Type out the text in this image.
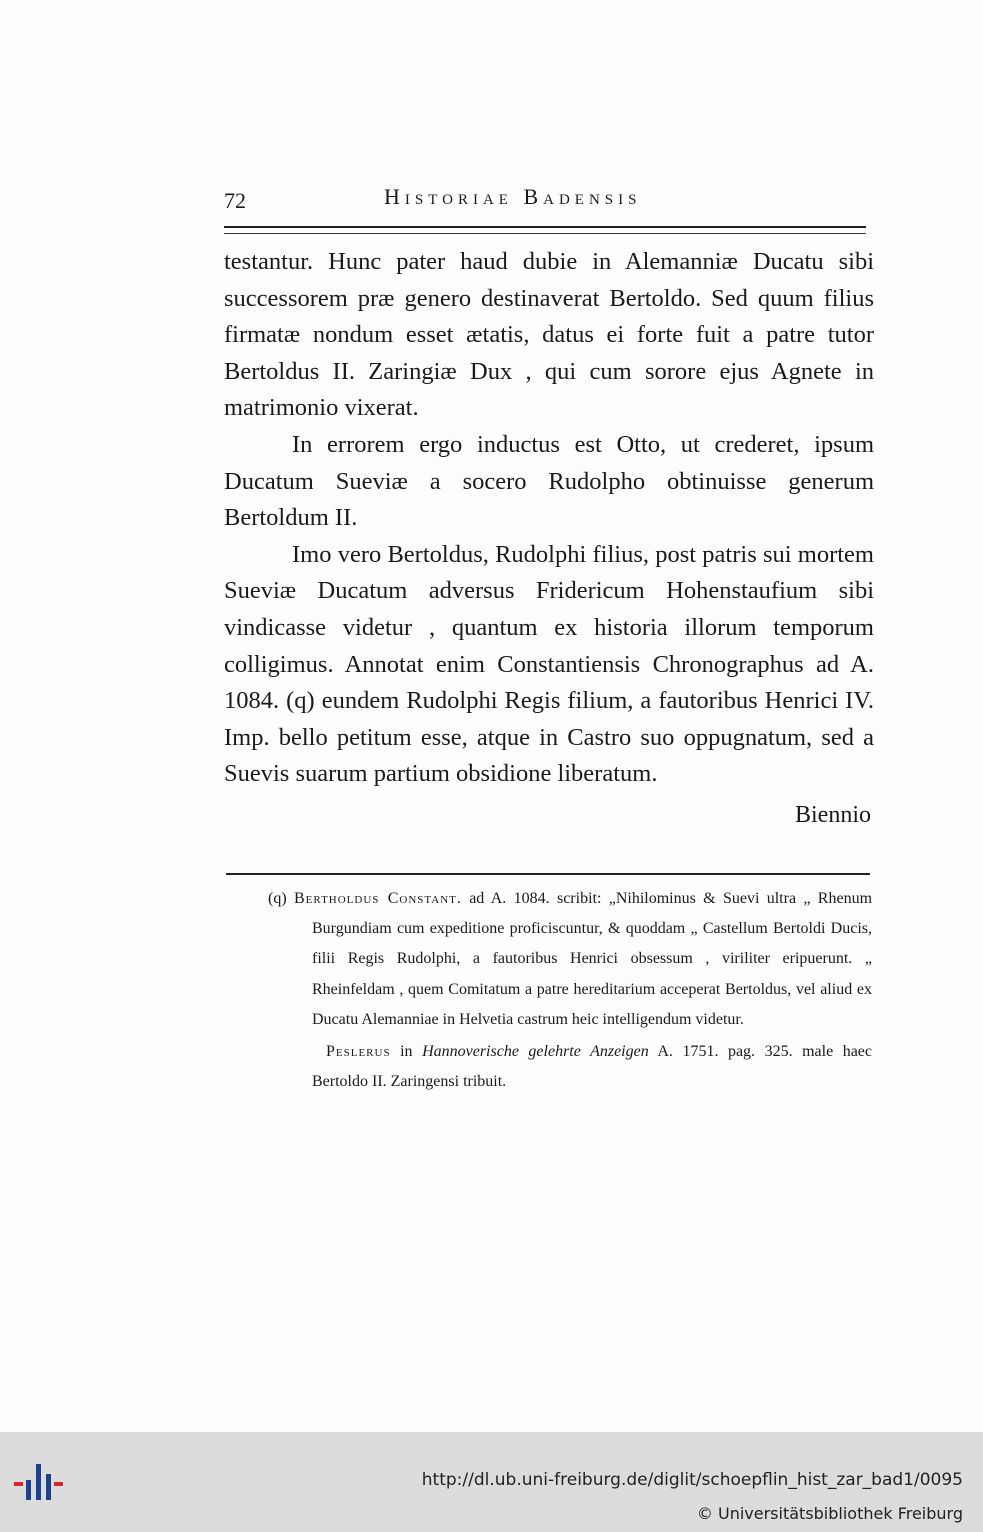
72	Historiae Badensis

testantur. Hunc pater haud dubie in Alemanniæ Ducatu sibi successorem præ genero destinaverat Bertoldo. Sed quum filius firmatæ nondum esset ætatis, datus ei forte fuit a patre tutor Bertoldus II. Zaringiæ Dux , qui cum sorore ejus Agnete in matrimonio vixerat.

In errorem ergo inductus est Otto, ut crederet, ipsum Ducatum Sueviæ a socero Rudolpho obtinuisse generum Bertoldum II.

Imo vero Bertoldus, Rudolphi filius, post patris sui mortem Sueviæ Ducatum adversus Fridericum Hohenstaufium sibi vindicasse videtur , quantum ex historia illorum temporum colligimus. Annotat enim Constantiensis Chronographus ad A. 1084. (q) eundem Rudolphi Regis filium, a fautoribus Henrici IV. Imp. bello petitum esse, atque in Castro suo oppugnatum, sed a Suevis suarum partium obsidione liberatum.

Biennio

(q) Bertholdus Constant. ad A. 1084. scribit: „Nihilominus & Suevi ultra „ Rhenum Burgundiam cum expeditione proficiscuntur, & quoddam „ Castellum Bertoldi Ducis, filii Regis Rudolphi, a fautoribus Henrici obsessum , viriliter eripuerunt. „ Rheinfeldam , quem Comitatum a patre hereditarium acceperat Bertoldus, vel aliud ex Ducatu Alemanniae in Helvetia castrum heic intelligendum videtur.

Peslerus in Hannoverische gelehrte Anzeigen A. 1751. pag. 325. male haec Bertoldo II. Zaringensi tribuit.

http://dl.ub.uni-freiburg.de/diglit/schoepflin_hist_zar_bad1/0095
© Universitätsbibliothek Freiburg
